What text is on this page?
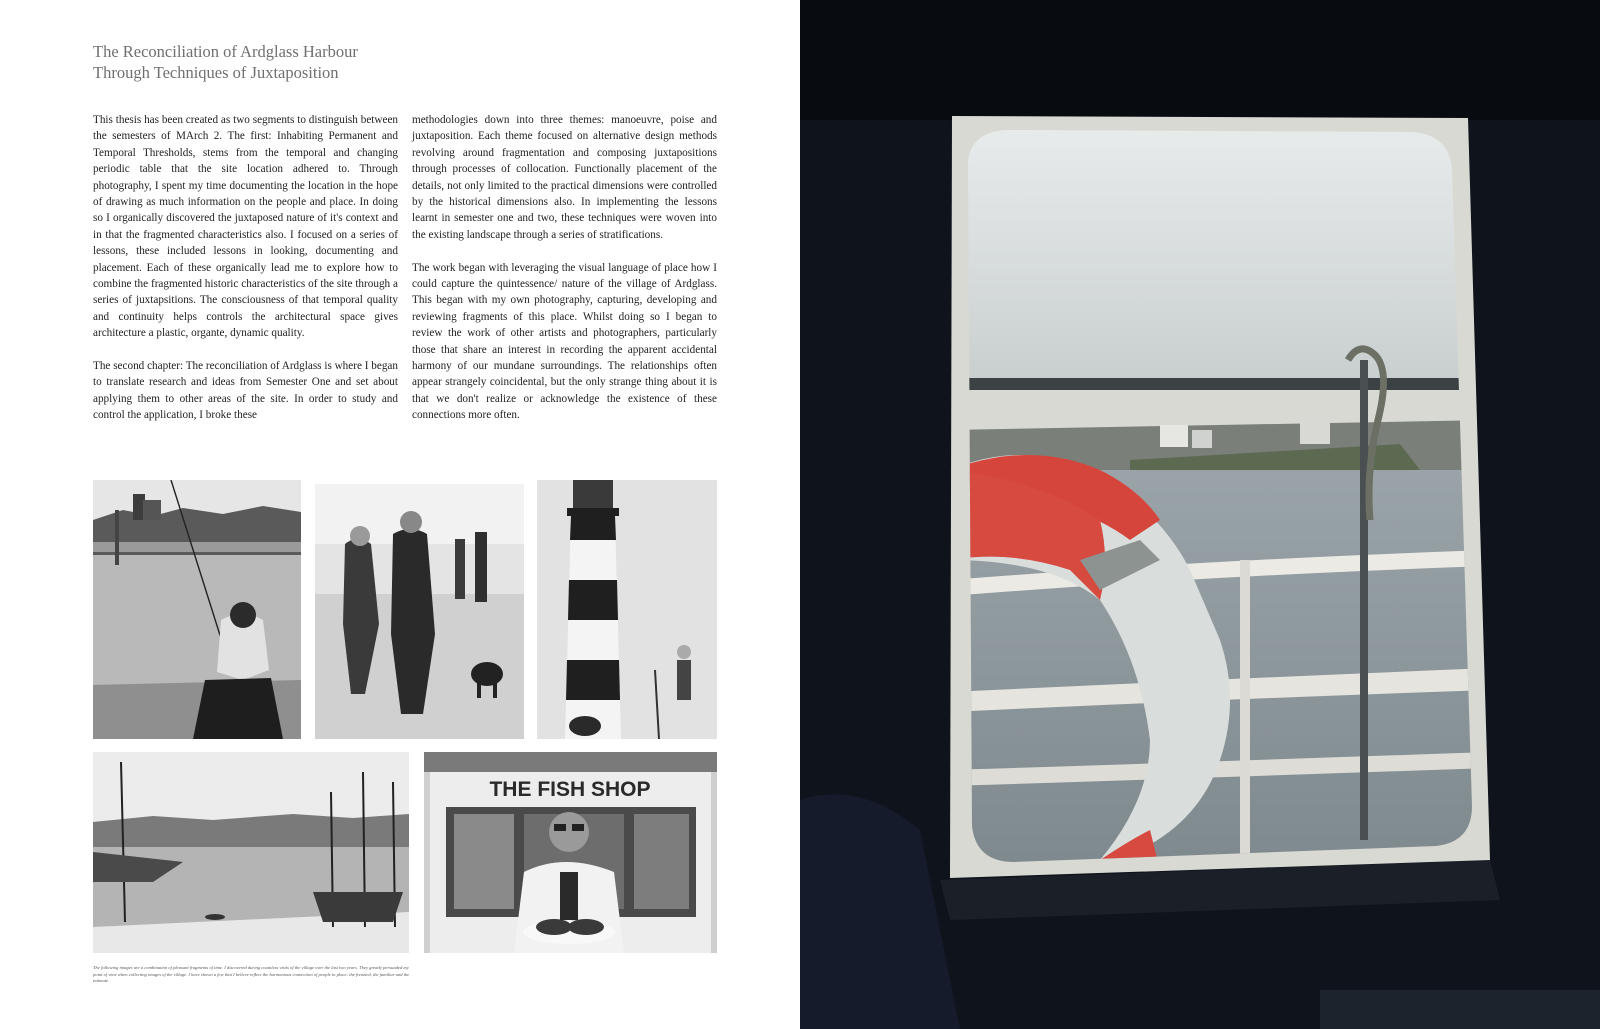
The Reconciliation of Ardglass Harbour
Through Techniques of Juxtaposition

This thesis has been created as two segments to distinguish between the semesters of MArch 2. The first: Inhabiting Permanent and Temporal Thresholds, stems from the temporal and changing periodic table that the site location adhered to. Through photography, I spent my time documenting the location in the hope of drawing as much information on the people and place. In doing so I organically discovered the juxtaposed nature of it's context and in that the fragmented characteristics also. I focused on a series of lessons, these included lessons in looking, documenting and placement. Each of these organically lead me to explore how to combine the fragmented historic characteristics of the site through a series of juxtapsitions. The consciousness of that temporal quality and continuity helps controls the architectural space gives architecture a plastic, organte, dynamic quality.

The second chapter: The reconciliation of Ardglass is where I began to translate research and ideas from Semester One and set about applying them to other areas of the site. In order to study and control the application, I broke these

methodologies down into three themes: manoeuvre, poise and juxtaposition. Each theme focused on alternative design methods revolving around fragmentation and composing juxtapositions through processes of collocation. Functionally placement of the details, not only limited to the practical dimensions were controlled by the historical dimensions also. In implementing the lessons learnt in semester one and two, these techniques were woven into the existing landscape through a series of stratifications.

The work began with leveraging the visual language of place how I could capture the quintessence/ nature of the village of Ardglass. This began with my own photography, capturing, developing and reviewing fragments of this place. Whilst doing so I began to review the work of other artists and photographers, particularly those that share an interest in recording the apparent accidental harmony of our mundane surroundings. The relationships often appear strangely coincidental, but the only strange thing about it is that we don't realize or acknowledge the existence of these connections more often.

THE FISH SHOP

The following images are a combination of pleasant fragments of time. I discovered during countless visits of the village over the last two years. They greatly persuaded my point of view when collecting images of the village. I have shown a few that I believe reflect the harmonious connection of people to place: the frenzied, the familiar and the intimate.
